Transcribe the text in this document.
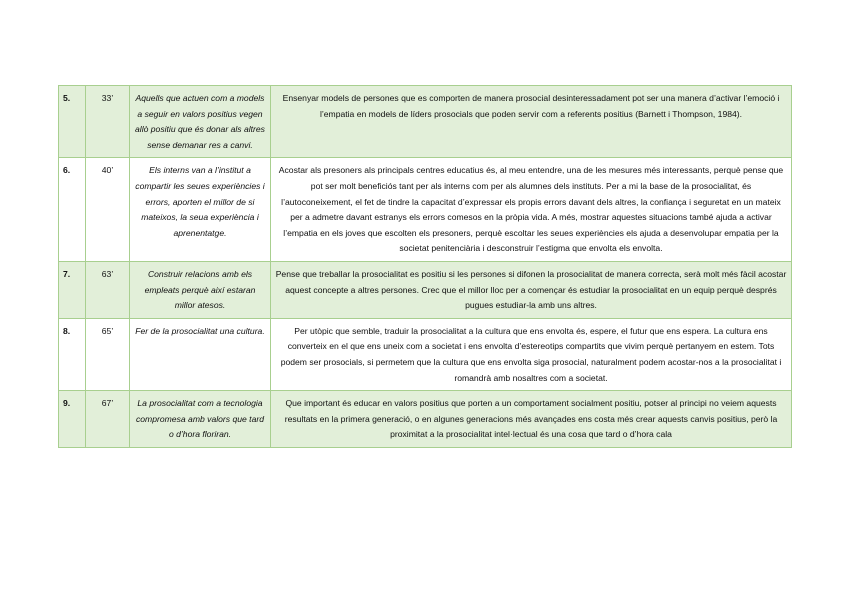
5.	33’	Aquells que actuen com a models a seguir en valors positius vegen allò positiu que és donar als altres sense demanar res a canvi.	Ensenyar models de persones que es comporten de manera prosocial desinteressadament pot ser una manera d’activar l’emoció i l’empatia en models de líders prosocials que poden servir com a referents positius (Barnett i Thompson, 1984).
6.	40’	Els interns van a l’institut a compartir les seues experiències i errors, aporten el millor de si mateixos, la seua experiència i aprenentatge.	Acostar als presoners als principals centres educatius és, al meu entendre, una de les mesures més interessants, perquè pense que pot ser molt beneficiós tant per als interns com per als alumnes dels instituts. Per a mi la base de la prosocialitat, és l’autoconeixement, el fet de tindre la capacitat d’expressar els propis errors davant dels altres, la confiança i seguretat en un mateix per a admetre davant estranys els errors comesos en la pròpia vida. A més, mostrar aquestes situacions també ajuda a activar l’empatia en els joves que escolten els presoners, perquè escoltar les seues experiències els ajuda a desenvolupar empatia per la societat penitenciària i desconstruir l’estigma que envolta els envolta.
7.	63’	Construir relacions amb els empleats perquè així estaran millor atesos.	Pense que treballar la prosocialitat es positiu si les persones si difonen la prosocialitat de manera correcta, serà molt més fàcil acostar aquest concepte a altres persones. Crec que el millor lloc per a començar és estudiar la prosocialitat en un equip perquè després pugues estudiar-la amb uns altres.
8.	65’	Fer de la prosocialitat una cultura.	Per utòpic que semble, traduir la prosocialitat a la cultura que ens envolta és, espere, el futur que ens espera. La cultura ens converteix en el que ens uneix com a societat i ens envolta d’estereotips compartits que vivim perquè pertanyem en estem. Tots podem ser prosocials, si permetem que la cultura que ens envolta siga prosocial, naturalment podem acostar-nos a la prosocialitat i romandrà amb nosaltres com a societat.
9.	67’	La prosocialitat com a tecnologia compromesa amb valors que tard o d’hora floriran.	Que important és educar en valors positius que porten a un comportament socialment positiu, potser al principi no veiem aquests resultats en la primera generació, o en algunes generacions més avançades ens costa més crear aquests canvis positius, però la proximitat a la prosocialitat intel·lectual és una cosa que tard o d’hora cala
